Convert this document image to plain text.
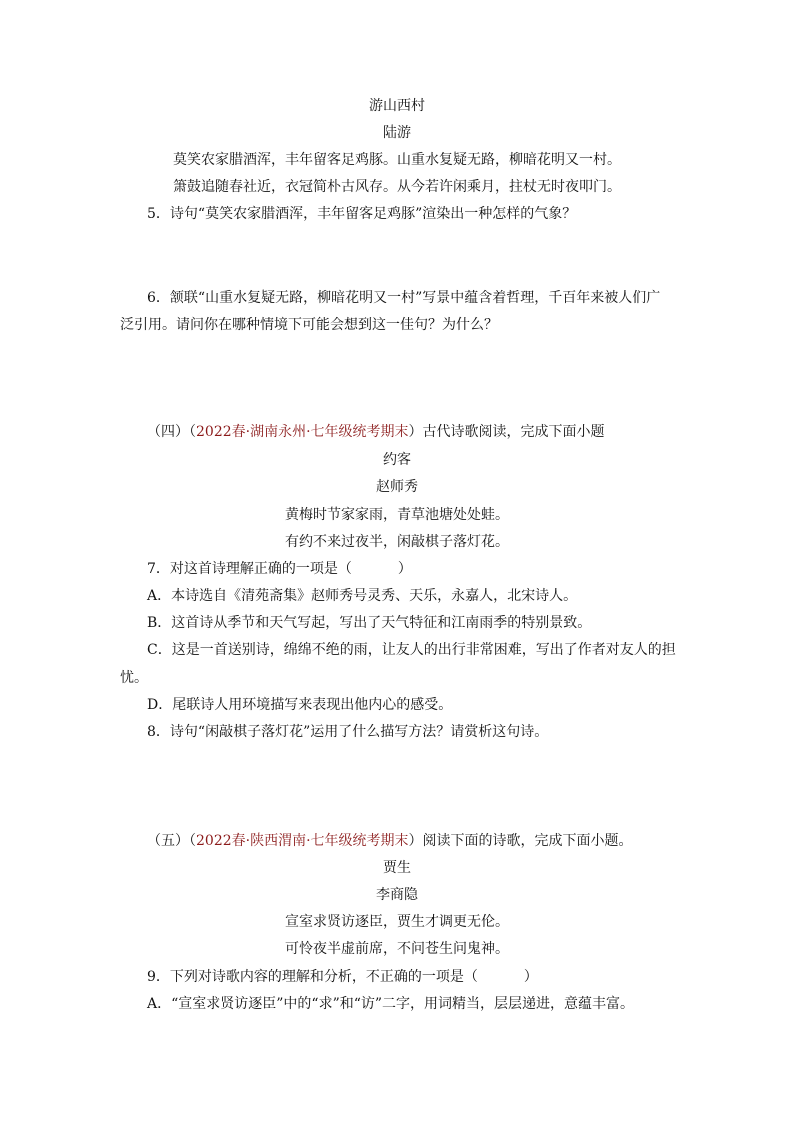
游山西村
陆游
莫笑农家腊酒浑，丰年留客足鸡豚。山重水复疑无路，柳暗花明又一村。
箫鼓追随春社近，衣冠简朴古风存。从今若许闲乘月，拄杖无时夜叩门。
5．诗句“莫笑农家腊酒浑，丰年留客足鸡豚”渲染出一种怎样的气象？
6．颔联“山重水复疑无路，柳暗花明又一村”写景中蕴含着哲理，千百年来被人们广
泛引用。请问你在哪种情境下可能会想到这一佳句？为什么？
（四）（2022春·湖南永州·七年级统考期末）古代诗歌阅读，完成下面小题
约客
赵师秀
黄梅时节家家雨，青草池塘处处蛙。
有约不来过夜半，闲敲棋子落灯花。
7．对这首诗理解正确的一项是（	）
A．本诗选自《清苑斋集》赵师秀号灵秀、天乐，永嘉人，北宋诗人。
B．这首诗从季节和天气写起，写出了天气特征和江南雨季的特别景致。
C．这是一首送别诗，绵绵不绝的雨，让友人的出行非常困难，写出了作者对友人的担
忧。
D．尾联诗人用环境描写来表现出他内心的感受。
8．诗句“闲敲棋子落灯花”运用了什么描写方法？请赏析这句诗。
（五）（2022春·陕西渭南·七年级统考期末）阅读下面的诗歌，完成下面小题。
贾生
李商隐
宣室求贤访逐臣，贾生才调更无伦。
可怜夜半虚前席，不问苍生问鬼神。
9．下列对诗歌内容的理解和分析，不正确的一项是（	）
A．“宣室求贤访逐臣”中的“求”和“访”二字，用词精当，层层递进，意蕴丰富。
